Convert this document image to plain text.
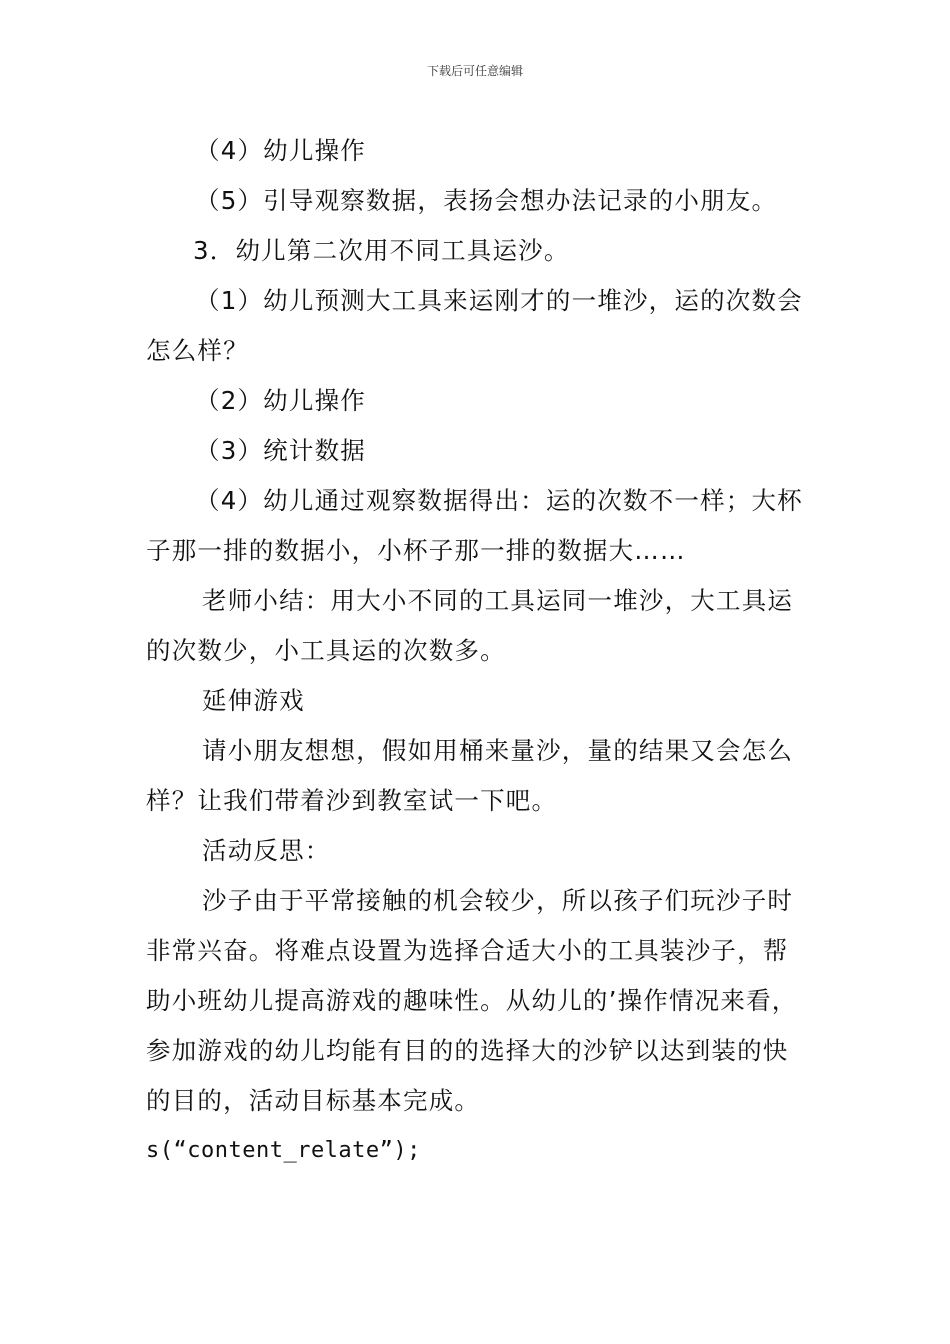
下载后可任意编辑
（4）幼儿操作
（5）引导观察数据，表扬会想办法记录的小朋友。
3．幼儿第二次用不同工具运沙。
（1）幼儿预测大工具来运刚才的一堆沙，运的次数会
怎么样？
（2）幼儿操作
（3）统计数据
（4）幼儿通过观察数据得出：运的次数不一样；大杯
子那一排的数据小，小杯子那一排的数据大……
老师小结：用大小不同的工具运同一堆沙，大工具运
的次数少，小工具运的次数多。
延伸游戏
请小朋友想想，假如用桶来量沙，量的结果又会怎么
样？让我们带着沙到教室试一下吧。
活动反思：
沙子由于平常接触的机会较少，所以孩子们玩沙子时
非常兴奋。将难点设置为选择合适大小的工具装沙子，帮
助小班幼儿提高游戏的趣味性。从幼儿的’操作情况来看，
参加游戏的幼儿均能有目的的选择大的沙铲以达到装的快
的目的，活动目标基本完成。
s(“content_relate”);
